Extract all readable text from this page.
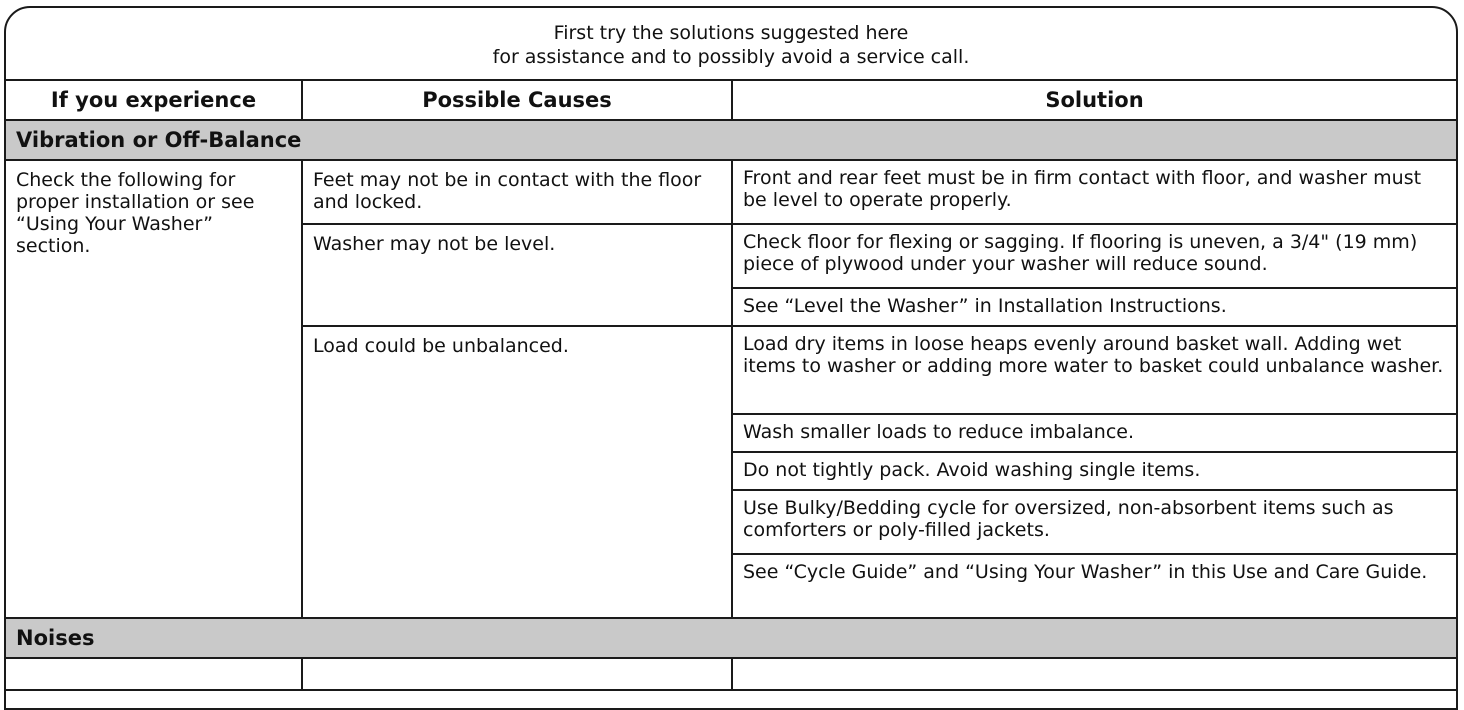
First try the solutions suggested here
for assistance and to possibly avoid a service call.
If you experience	Possible Causes	Solution
Vibration or Off-Balance		

Check the following for proper installation or see “Using Your Washer” section.	Feet may not be in contact with the floor and locked.	Front and rear feet must be in firm contact with floor, and washer must be level to operate properly.

	Washer may not be level.	Check floor for flexing or sagging. If flooring is uneven, a 3/4" (19 mm) piece of plywood under your washer will reduce sound.

		See “Level the Washer” in Installation Instructions.

	Load could be unbalanced.	Load dry items in loose heaps evenly around basket wall. Adding wet items to washer or adding more water to basket could unbalance washer.

		Wash smaller loads to reduce imbalance.

		Do not tightly pack. Avoid washing single items.

		Use Bulky/Bedding cycle for oversized, non-absorbent items such as comforters or poly-filled jackets.

		See “Cycle Guide” and “Using Your Washer” in this Use and Care Guide.

Noises		
